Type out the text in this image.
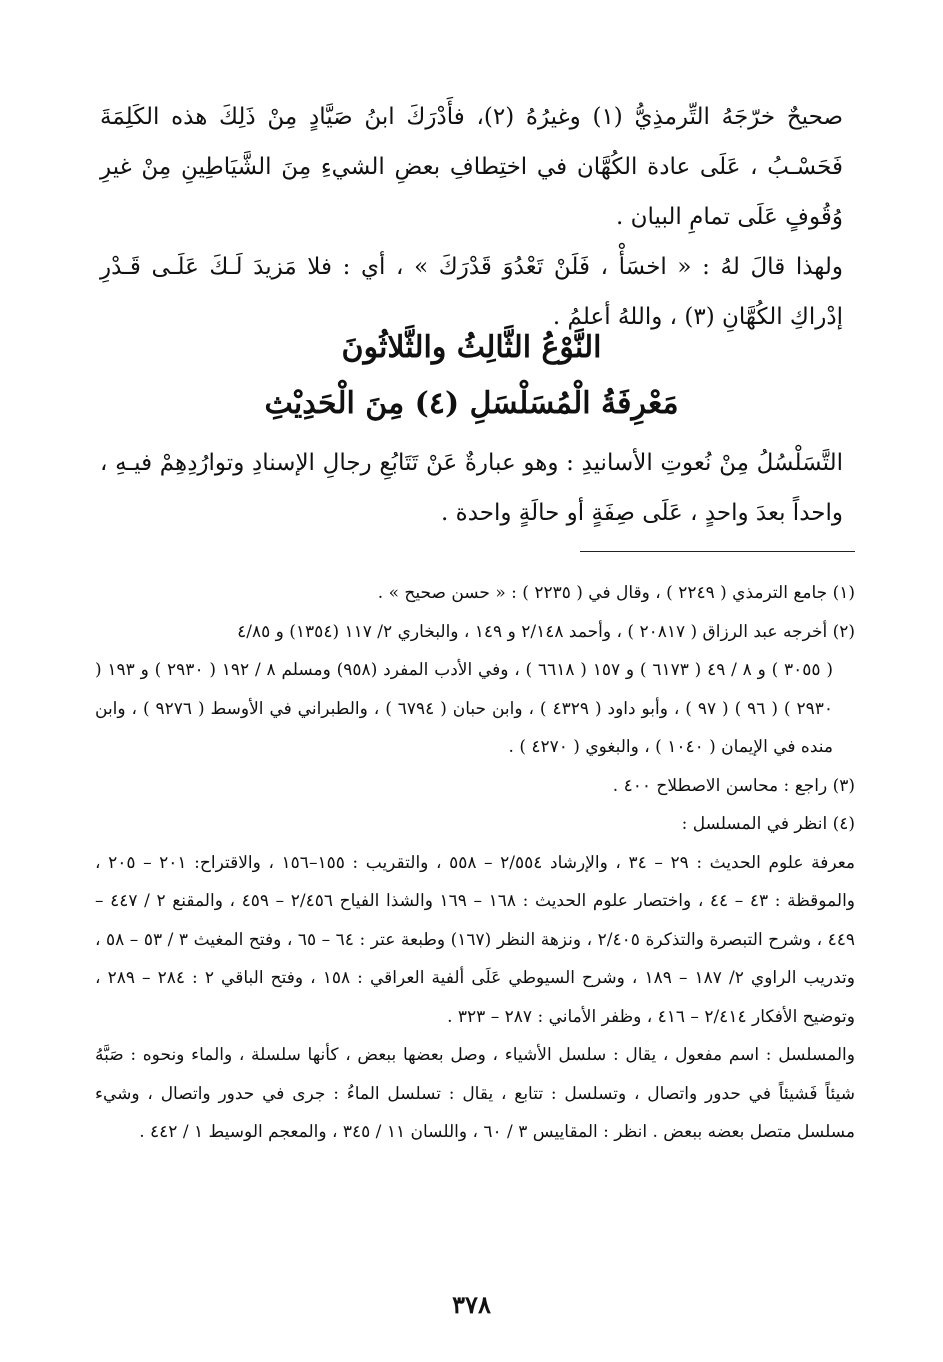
صحيحٌ خرّجَهُ التِّرمذِيُّ (١) وغيرُهُ (٢)، فأَدْرَكَ ابنُ صَيَّادٍ مِنْ ذَلِكَ هذه الكَلِمَةَ فَحَسْـبُ ، عَلَى عادة الكُهَّان في اختِطافِ بعضِ الشيءِ مِنَ الشَّيَاطِينِ مِنْ غيرِ وُقُوفٍ عَلَى تمامِ البيان .

ولهذا قالَ لهُ : « اخسَأْ ، فَلَنْ تَعْدُوَ قَدْرَكَ » ، أي : فلا مَزيدَ لَـكَ عَلَـى قَـدْرِ إدْراكِ الكُهَّانِ (٣) ، واللهُ أعلمُ .

النَّوْعُ الثَّالِثُ والثَّلاثُونَ

مَعْرِفَةُ الْمُسَلْسَلِ (٤) مِنَ الْحَدِيْثِ

التَّسَلْسُلُ مِنْ نُعوتِ الأسانيدِ : وهو عبارةٌ عَنْ تَتَابُعِ رجالِ الإسنادِ وتوارُدِهِمْ فيـهِ ، واحداً بعدَ واحدٍ ، عَلَى صِفَةٍ أو حالَةٍ واحدة .

(١) جامع الترمذي ( ٢٢٤٩ ) ، وقال في ( ٢٢٣٥ ) : « حسن صحيح » .

(٢) أخرجه عبد الرزاق ( ٢٠٨١٧ ) ، وأحمد ٢/١٤٨ و ١٤٩ ، والبخاري ٢/ ١١٧ (١٣٥٤) و ٤/٨٥

( ٣٠٥٥ ) و ٨ / ٤٩ ( ٦١٧٣ ) و ١٥٧ ( ٦٦١٨ ) ، وفي الأدب المفرد (٩٥٨) ومسلم ٨ / ١٩٢ ( ٢٩٣٠ ) و ١٩٣ ( ٢٩٣٠ ) ( ٩٦ ) ( ٩٧ ) ، وأبو داود ( ٤٣٢٩ ) ، وابن حبان ( ٦٧٩٤ ) ، والطبراني في الأوسط ( ٩٢٧٦ ) ، وابن منده في الإيمان ( ١٠٤٠ ) ، والبغوي ( ٤٢٧٠ ) .

(٣) راجع : محاسن الاصطلاح ٤٠٠ .

(٤) انظر في المسلسل :

معرفة علوم الحديث : ٢٩ – ٣٤ ، والإرشاد ٢/٥٥٤ – ٥٥٨ ، والتقريب : ١٥٥–١٥٦ ، والاقتراح: ٢٠١ – ٢٠٥ ، والموقظة : ٤٣ – ٤٤ ، واختصار علوم الحديث : ١٦٨ – ١٦٩ والشذا الفياح ٢/٤٥٦ – ٤٥٩ ، والمقنع ٢ / ٤٤٧ – ٤٤٩ ، وشرح التبصرة والتذكرة ٢/٤٠٥ ، ونزهة النظر (١٦٧) وطبعة عتر : ٦٤ – ٦٥ ، وفتح المغيث ٣ / ٥٣ – ٥٨ ، وتدريب الراوي ٢/ ١٨٧ – ١٨٩ ، وشرح السيوطي عَلَى ألفية العراقي : ١٥٨ ، وفتح الباقي ٢ : ٢٨٤ – ٢٨٩ ، وتوضيح الأفكار ٢/٤١٤ – ٤١٦ ، وظفر الأماني : ٢٨٧ – ٣٢٣ .

والمسلسل : اسم مفعول ، يقال : سلسل الأشياء ، وصل بعضها ببعض ، كأنها سلسلة ، والماء ونحوه : صَبَّهُ شيئاً فَشيئاً في حدور واتصال ، وتسلسل : تتابع ، يقال : تسلسل الماءُ : جرى في حدور واتصال ، وشيء مسلسل متصل بعضه ببعض . انظر : المقاييس ٣ / ٦٠ ، واللسان ١١ / ٣٤٥ ، والمعجم الوسيط ١ / ٤٤٢ .

٣٧٨
